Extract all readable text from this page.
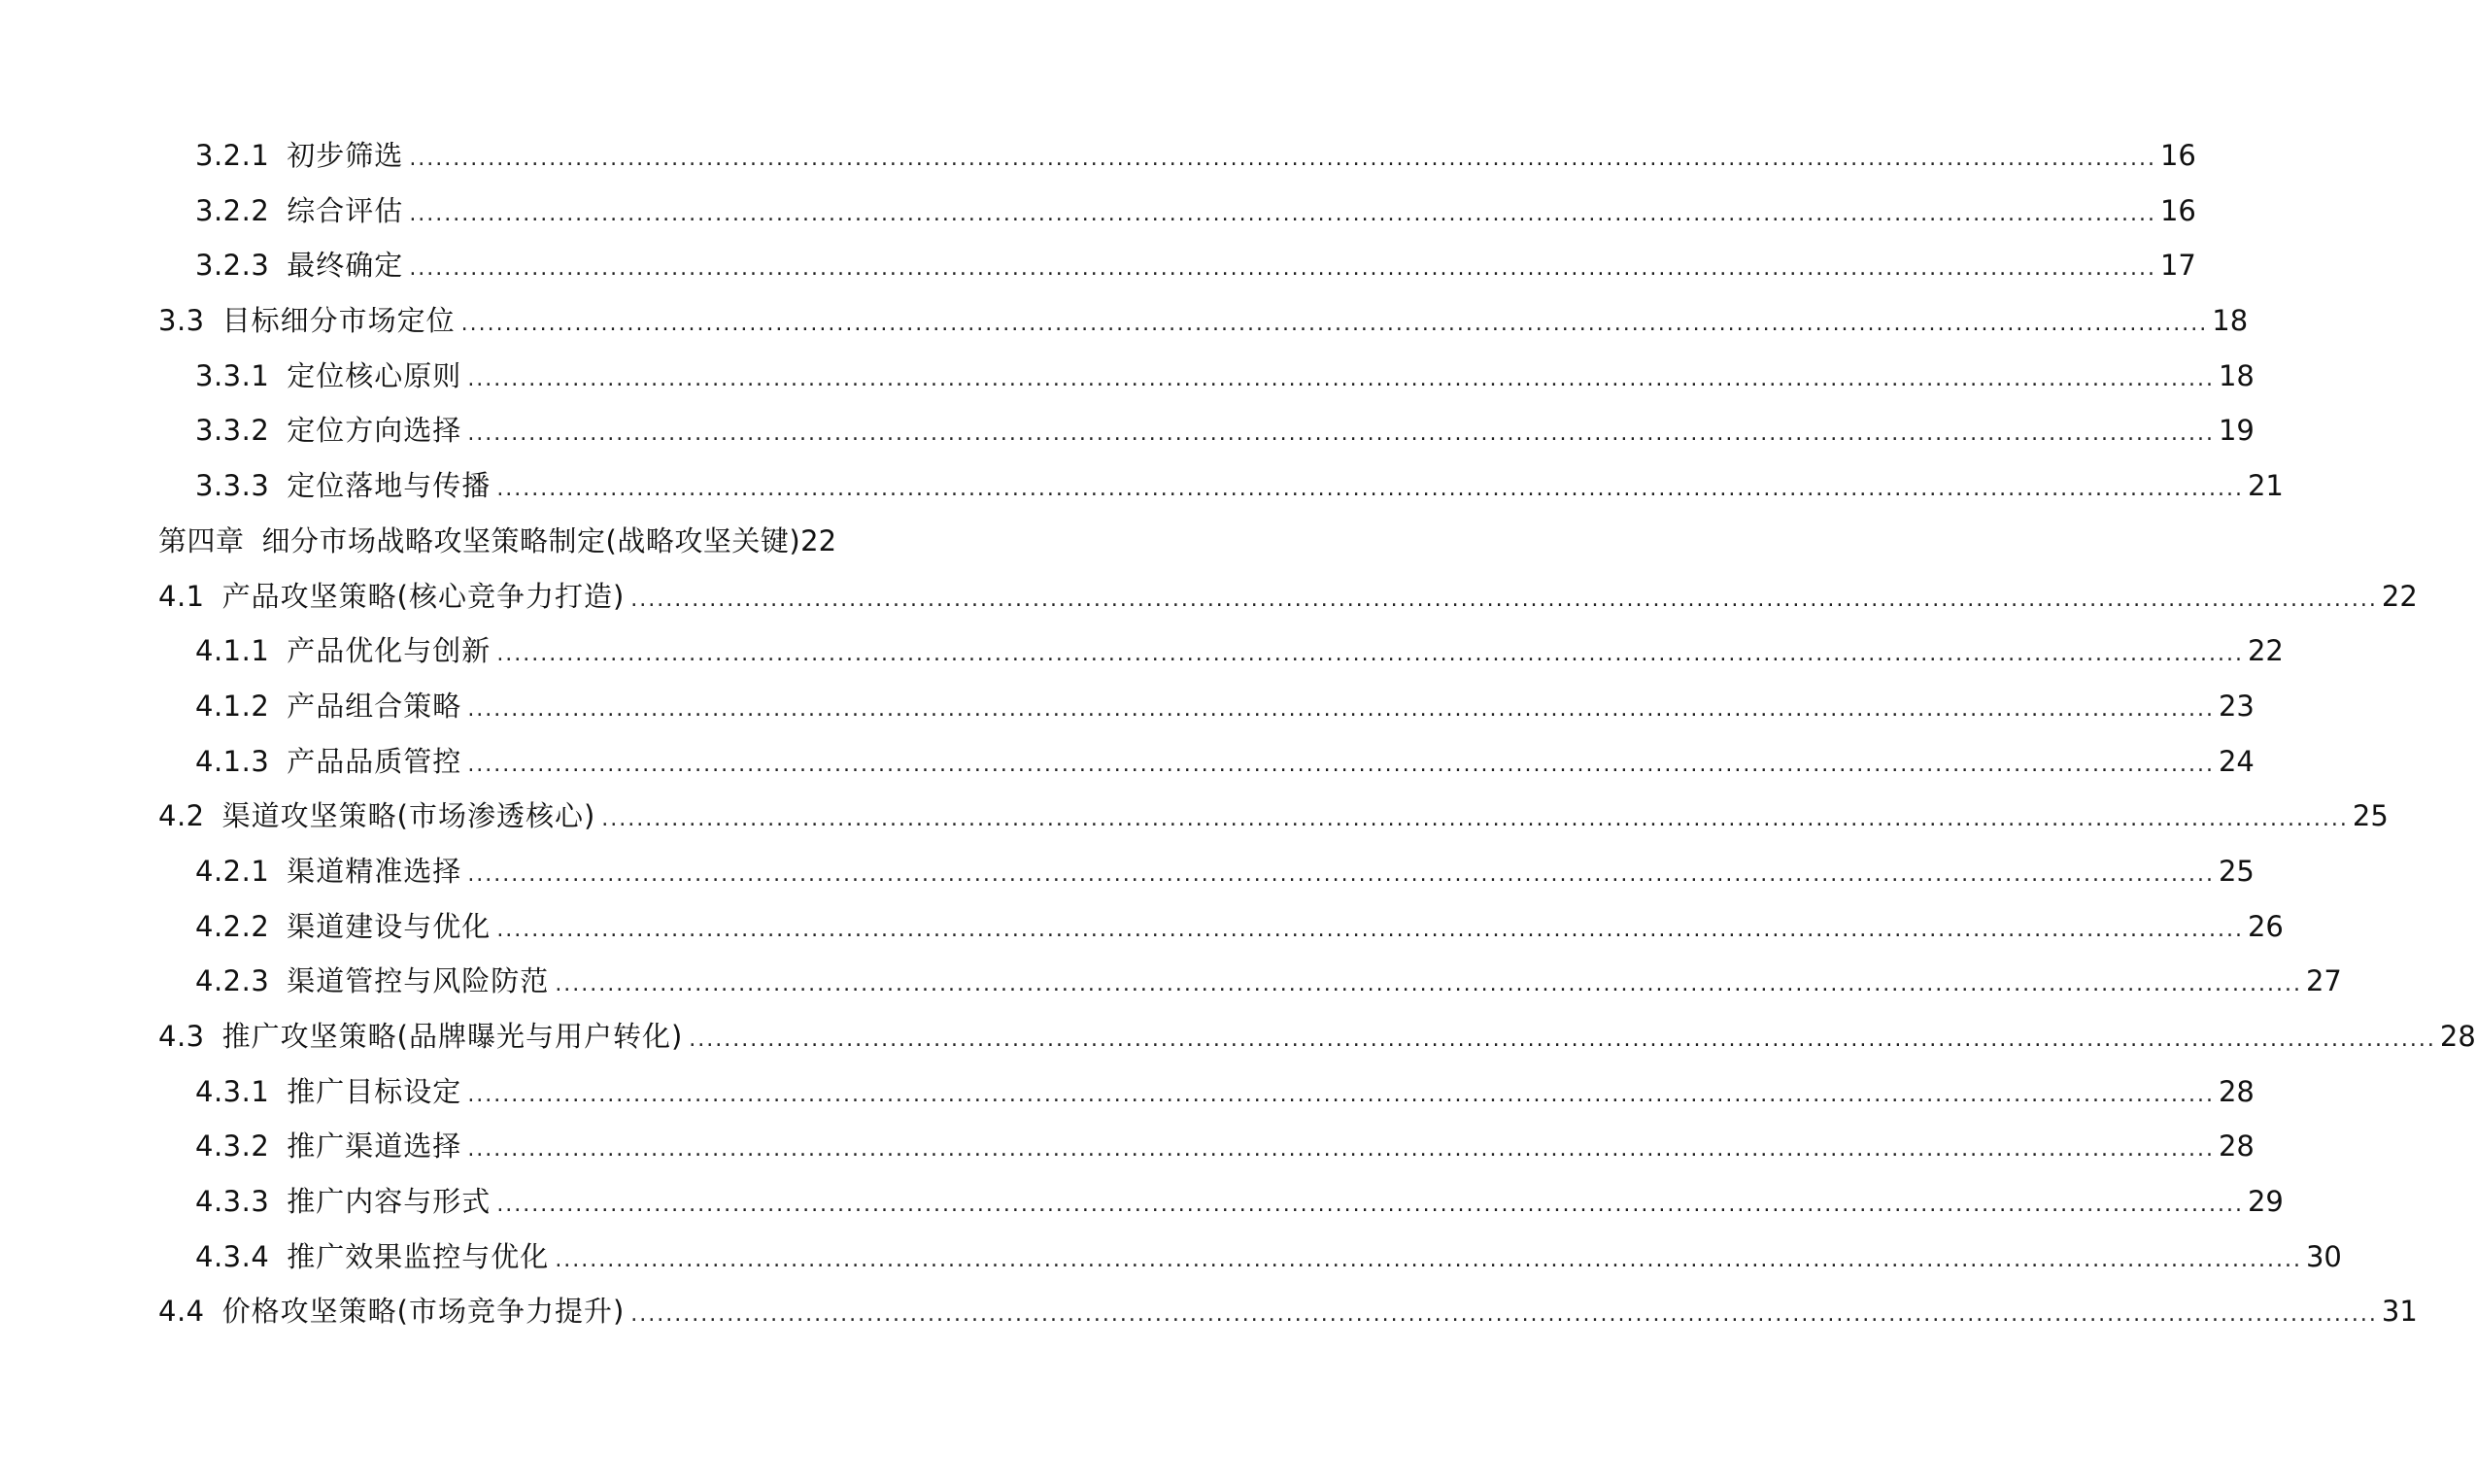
3.2.1 初步筛选 ........................................................................................................................................................................................................ 16
3.2.2 综合评估 ........................................................................................................................................................................................................ 16
3.2.3 最终确定 ........................................................................................................................................................................................................ 17
3.3 目标细分市场定位 ........................................................................................................................................................................................................ 18
3.3.1 定位核心原则 ........................................................................................................................................................................................................ 18
3.3.2 定位方向选择 ........................................................................................................................................................................................................ 19
3.3.3 定位落地与传播 ........................................................................................................................................................................................................ 21
第四章 细分市场战略攻坚策略制定(战略攻坚关键) 22
4.1 产品攻坚策略(核心竞争力打造) ........................................................................................................................................................................................................ 22
4.1.1 产品优化与创新 ........................................................................................................................................................................................................ 22
4.1.2 产品组合策略 ........................................................................................................................................................................................................ 23
4.1.3 产品品质管控 ........................................................................................................................................................................................................ 24
4.2 渠道攻坚策略(市场渗透核心) ........................................................................................................................................................................................................ 25
4.2.1 渠道精准选择 ........................................................................................................................................................................................................ 25
4.2.2 渠道建设与优化 ........................................................................................................................................................................................................ 26
4.2.3 渠道管控与风险防范 ........................................................................................................................................................................................................ 27
4.3 推广攻坚策略(品牌曝光与用户转化) ........................................................................................................................................................................................................ 28
4.3.1 推广目标设定 ........................................................................................................................................................................................................ 28
4.3.2 推广渠道选择 ........................................................................................................................................................................................................ 28
4.3.3 推广内容与形式 ........................................................................................................................................................................................................ 29
4.3.4 推广效果监控与优化 ........................................................................................................................................................................................................ 30
4.4 价格攻坚策略(市场竞争力提升) ........................................................................................................................................................................................................ 31
